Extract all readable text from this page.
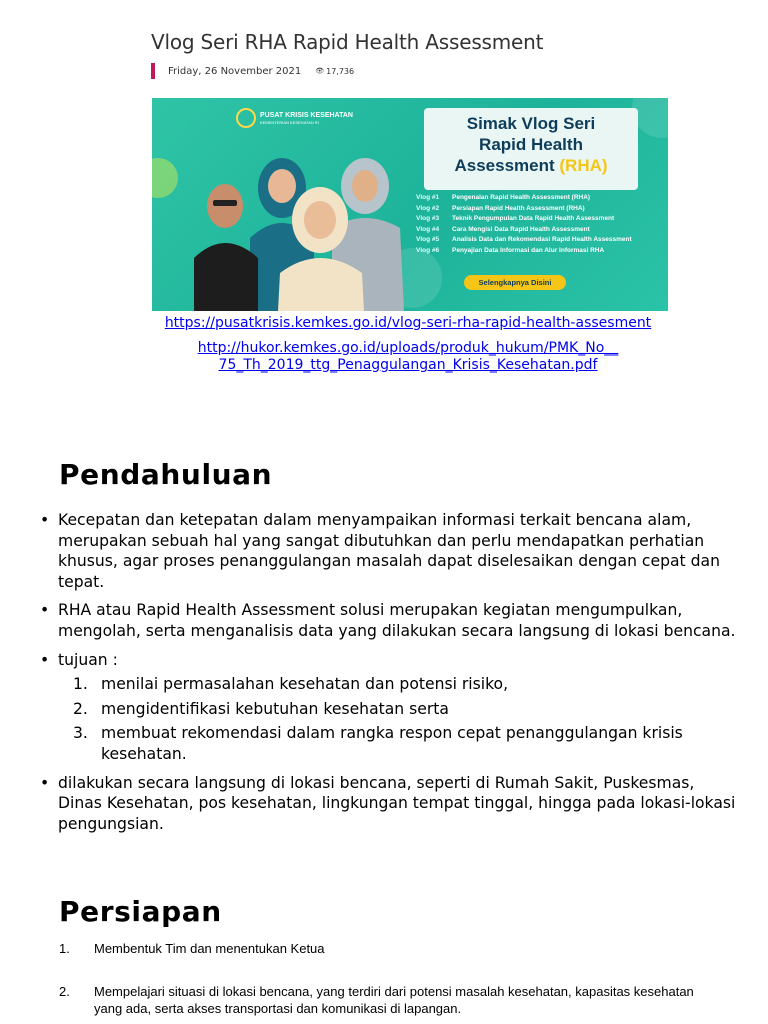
Vlog Seri RHA Rapid Health Assessment
Friday, 26 November 2021 👁 17,736
PUSAT KRISIS KESEHATAN
KEMENTERIAN KESEHATAN RI	Simak Vlog Seri
Rapid Health
Assessment (RHA)
Vlog #1	Pengenalan Rapid Health Assessment (RHA)
Vlog #2	Persiapan Rapid Health Assessment (RHA)
Vlog #3	Teknik Pengumpulan Data Rapid Health Assessment
Vlog #4	Cara Mengisi Data Rapid Health Assessment
Vlog #5	Analisis Data dan Rekomendasi Rapid Health Assessment
Vlog #6	Penyajian Data Informasi dan Alur Informasi RHA
Selengkapnya Disini
https://pusatkrisis.kemkes.go.id/vlog-seri-rha-rapid-health-assesment
http://hukor.kemkes.go.id/uploads/produk_hukum/PMK_No__
75_Th_2019_ttg_Penaggulangan_Krisis_Kesehatan.pdf
Pendahuluan
• Kecepatan dan ketepatan dalam menyampaikan informasi terkait bencana alam, merupakan sebuah hal yang sangat dibutuhkan dan perlu mendapatkan perhatian khusus, agar proses penanggulangan masalah dapat diselesaikan dengan cepat dan tepat.
• RHA atau Rapid Health Assessment solusi merupakan kegiatan mengumpulkan, mengolah, serta menganalisis data yang dilakukan secara langsung di lokasi bencana.
• tujuan :
1. menilai permasalahan kesehatan dan potensi risiko,
2. mengidentifikasi kebutuhan kesehatan serta
3. membuat rekomendasi dalam rangka respon cepat penanggulangan krisis kesehatan.
• dilakukan secara langsung di lokasi bencana, seperti di Rumah Sakit, Puskesmas, Dinas Kesehatan, pos kesehatan, lingkungan tempat tinggal, hingga pada lokasi-lokasi pengungsian.
Persiapan
1. Membentuk Tim dan menentukan Ketua
2. Mempelajari situasi di lokasi bencana, yang terdiri dari potensi masalah kesehatan, kapasitas kesehatan yang ada, serta akses transportasi dan komunikasi di lapangan.
